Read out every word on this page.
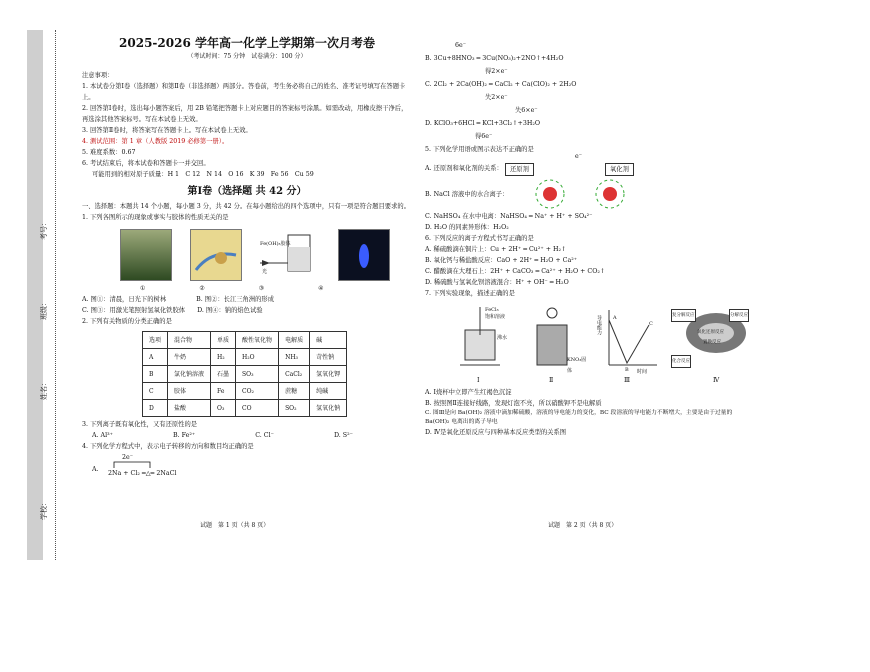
学校：
姓名：
班级：
考号：
2025-2026 学年高一化学上学期第一次月考卷
（考试时间：75 分钟　试卷满分：100 分）

注意事项：

1. 本试卷分第Ⅰ卷（选择题）和第Ⅱ卷（非选择题）两部分。答卷前，考生务必将自己的姓名、准考证号填写在答题卡上。

2. 回答第Ⅰ卷时，选出每小题答案后，用 2B 铅笔把答题卡上对应题目的答案标号涂黑。如需改动，用橡皮擦干净后，再选涂其他答案标号。写在本试卷上无效。

3. 回答第Ⅱ卷时，将答案写在答题卡上。写在本试卷上无效。

4. 测试范围：第 1 章（人教版 2019 必修第一册）。

5. 难度系数：0.67

6. 考试结束后，将本试卷和答题卡一并交回。

可能用到的相对原子质量：H 1　C 12　N 14　O 16　K 39　Fe 56　Cu 59

第Ⅰ卷（选择题 共 42 分）

一、选择题：本题共 14 个小题，每小题 3 分，共 42 分。在每小题给出的四个选项中，只有一项是符合题目要求的。

1. 下列各图所示的现象或事实与胶体的性质无关的是

Fe(OH)₃胶体
光
①	②	③	④
A. 图①：清晨，日光下的树林	B. 图②：长江三角洲的形成
C. 图③：用激光笔照射氢氧化铁胶体 D. 图④：钠的焰色试验

2. 下列有关物质的分类正确的是

选项	混合物	单质	酸性氧化物	电解质	碱
A	牛奶	H₂	H₂O	NH₃	苛性钠
B	氯化钠溶液	石墨	SO₃	CaCl₂	氢氧化钾
C	胶体	Fe	CO₂	蔗糖	纯碱
D	盐酸	O₃	CO	SO₂	氢氧化钠

3. 下列离子既有氧化性，又有还原性的是

A. Al³⁺	B. Fe²⁺	C. Cl⁻	D. S²⁻

4. 下列化学方程式中，表示电子转移的方向和数目均正确的是

A.
2e⁻
2Na + Cl₂ ═△═ 2NaCl
试题　第 1 页（共 8 页）
6e⁻
B. 3Cu+8HNO₃ ═ 3Cu(NO₃)₂+2NO↑+4H₂O
得2×e⁻
C. 2Cl₂ + 2Ca(OH)₂ ═ CaCl₂ + Ca(ClO)₂ + 2H₂O
失2×e⁻
失6×e⁻
D. KClO₃+6HCl ═ KCl+3Cl₂↑+3H₂O
得6e⁻

5. 下列化学用语或图示表达不正确的是

A. 还原剂和氧化剂的关系：
e⁻
还原剂	氧化剂
B. NaCl 溶液中的水合离子：

C. NaHSO₄ 在水中电离：NaHSO₄ ═ Na⁺ + H⁺ + SO₄²⁻

D. H₂O 的同素异形体：H₂O₂

6. 下列反应的离子方程式书写正确的是

A. 稀硫酸滴在铜片上：Cu + 2H⁺ ═ Cu²⁺ + H₂↑

B. 氧化钙与稀盐酸反应：CaO + 2H⁺ ═ H₂O + Ca²⁺

C. 醋酸滴在大理石上：2H⁺ + CaCO₃ ═ Ca²⁺ + H₂O + CO₂↑

D. 稀硫酸与氢氧化钡溶液混合：H⁺ + OH⁻ ═ H₂O

7. 下列实验现象，描述正确的是

FeCl₃
饱和溶液
沸水
Ⅰ
KNO₃固体
Ⅱ
导电能力	A
B
C
时间
Ⅲ
复分解反应	分解反应
氧化还原反应
置换反应
化合反应
Ⅳ

A. Ⅰ烧杯中立即产生红褐色沉淀

B. 按照图Ⅱ连接好线路，发现灯泡不亮，所以硝酸钾不是电解质

C. 图Ⅲ是向 Ba(OH)₂ 溶液中滴加稀硫酸，溶液的导电能力的变化，BC 段溶液的导电能力不断增大，主要是由于过量的 Ba(OH)₂ 电离出的离子导电

D. Ⅳ是氧化还原反应与四种基本反应类型的关系图

试题　第 2 页（共 8 页）
